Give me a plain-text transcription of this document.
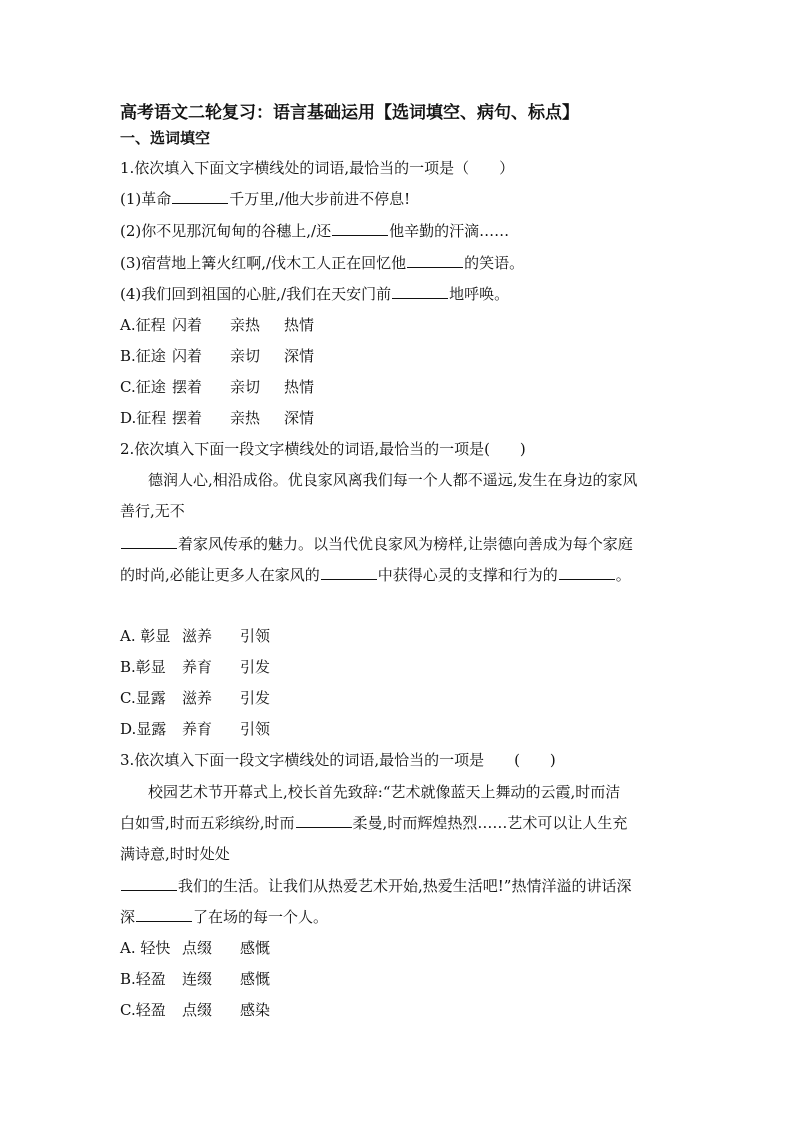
高考语文二轮复习：语言基础运用【选词填空、病句、标点】
一、选词填空
1.依次填入下面文字横线处的词语,最恰当的一项是（　　）
(1)革命	千万里,/他大步前进不停息!
(2)你不见那沉甸甸的谷穗上,/还	他辛勤的汗滴……
(3)宿营地上篝火红啊,/伐木工人正在回忆他	的笑语。
(4)我们回到祖国的心脏,/我们在天安门前	地呼唤。
A.征程 闪着 亲热 热情
B.征途 闪着 亲切 深情
C.征途 摆着 亲切 热情
D.征程 摆着 亲热 深情
2.依次填入下面一段文字横线处的词语,最恰当的一项是(　　)
德润人心,相沿成俗。优良家风离我们每一个人都不遥远,发生在身边的家风
善行,无不
着家风传承的魅力。以当代优良家风为榜样,让崇德向善成为每个家庭
的时尚,必能让更多人在家风的	中获得心灵的支撑和行为的	。
A. 彰显 滋养 引领
B.彰显 养育 引发
C.显露 滋养 引发
D.显露 养育 引领
3.依次填入下面一段文字横线处的词语,最恰当的一项是　　(　　)
校园艺术节开幕式上,校长首先致辞:“艺术就像蓝天上舞动的云霞,时而洁
白如雪,时而五彩缤纷,时而	柔曼,时而辉煌热烈……艺术可以让人生充
满诗意,时时处处
我们的生活。让我们从热爱艺术开始,热爱生活吧!”热情洋溢的讲话深
深	了在场的每一个人。
A. 轻快 点缀 感慨
B.轻盈 连缀 感慨
C.轻盈 点缀 感染
